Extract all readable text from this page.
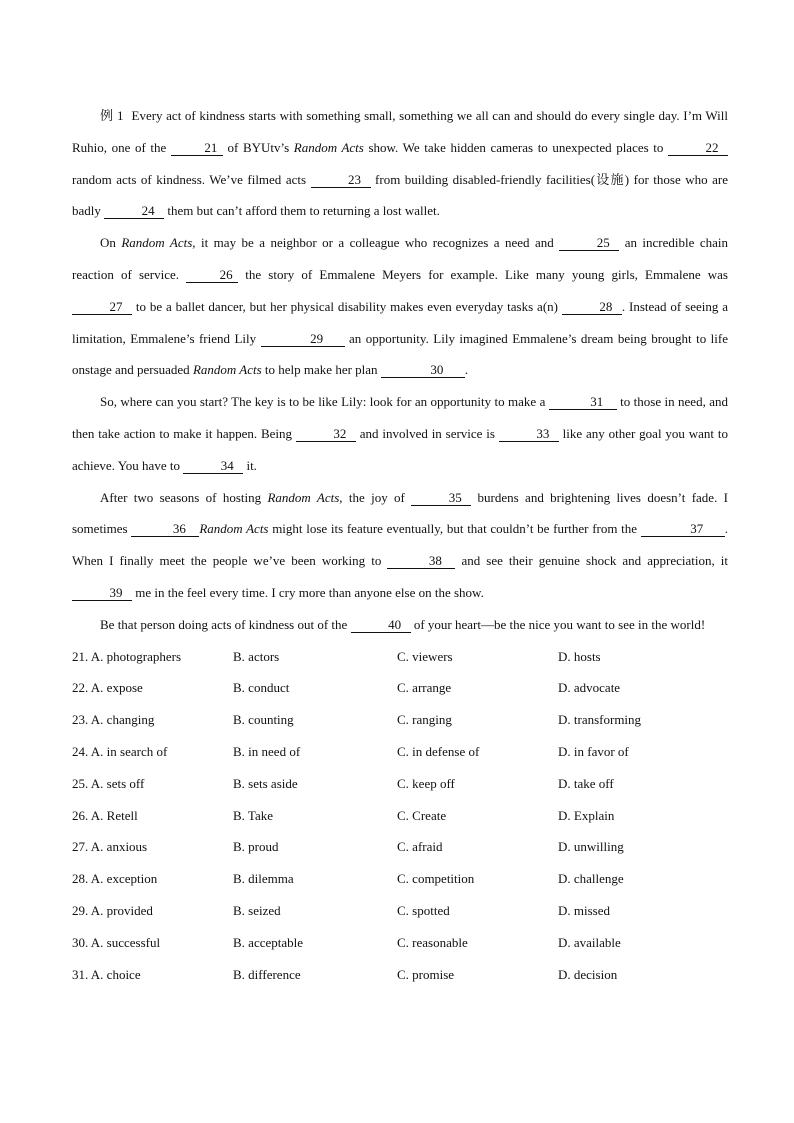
例 1 Every act of kindness starts with something small, something we all can and should do every single day. I’m Will Ruhio, one of the	21 of BYUtv’s Random Acts show. We take hidden cameras to unexpected places to	22 random acts of kindness. We’ve filmed acts	23 from building disabled-friendly facilities(设施) for those who are badly	24 them but can’t afford them to returning a lost wallet.

On Random Acts, it may be a neighbor or a colleague who recognizes a need and	25 an incredible chain reaction of service.	26 the story of Emmalene Meyers for example. Like many young girls, Emmalene was 27 to be a ballet dancer, but her physical disability makes even everyday tasks a(n)	28 . Instead of seeing a limitation, Emmalene’s friend Lily	29 an opportunity. Lily imagined Emmalene’s dream being brought to life onstage and persuaded Random Acts to help make her plan	30 .

So, where can you start? The key is to be like Lily: look for an opportunity to make a	31 to those in need, and then take action to make it happen. Being	32 and involved in service is	33 like any other goal you want to achieve. You have to	34 it.

After two seasons of hosting Random Acts, the joy of	35 burdens and brightening lives doesn’t fade. I sometimes	36 Random Acts might lose its feature eventually, but that couldn’t be further from the	37 . When I finally meet the people we’ve been working to	38 and see their genuine shock and appreciation, it 39 me in the feel every time. I cry more than anyone else on the show.

Be that person doing acts of kindness out of the	40 of your heart—be the nice you want to see in the world!

21. A. photographers	B. actors	C. viewers	D. hosts
22. A. expose	B. conduct	C. arrange	D. advocate
23. A. changing	B. counting	C. ranging	D. transforming
24. A. in search of	B. in need of	C. in defense of	D. in favor of
25. A. sets off	B. sets aside	C. keep off	D. take off
26. A. Retell	B. Take	C. Create	D. Explain
27. A. anxious	B. proud	C. afraid	D. unwilling
28. A. exception	B. dilemma	C. competition	D. challenge
29. A. provided	B. seized	C. spotted	D. missed
30. A. successful	B. acceptable	C. reasonable	D. available
31. A. choice	B. difference	C. promise	D. decision
